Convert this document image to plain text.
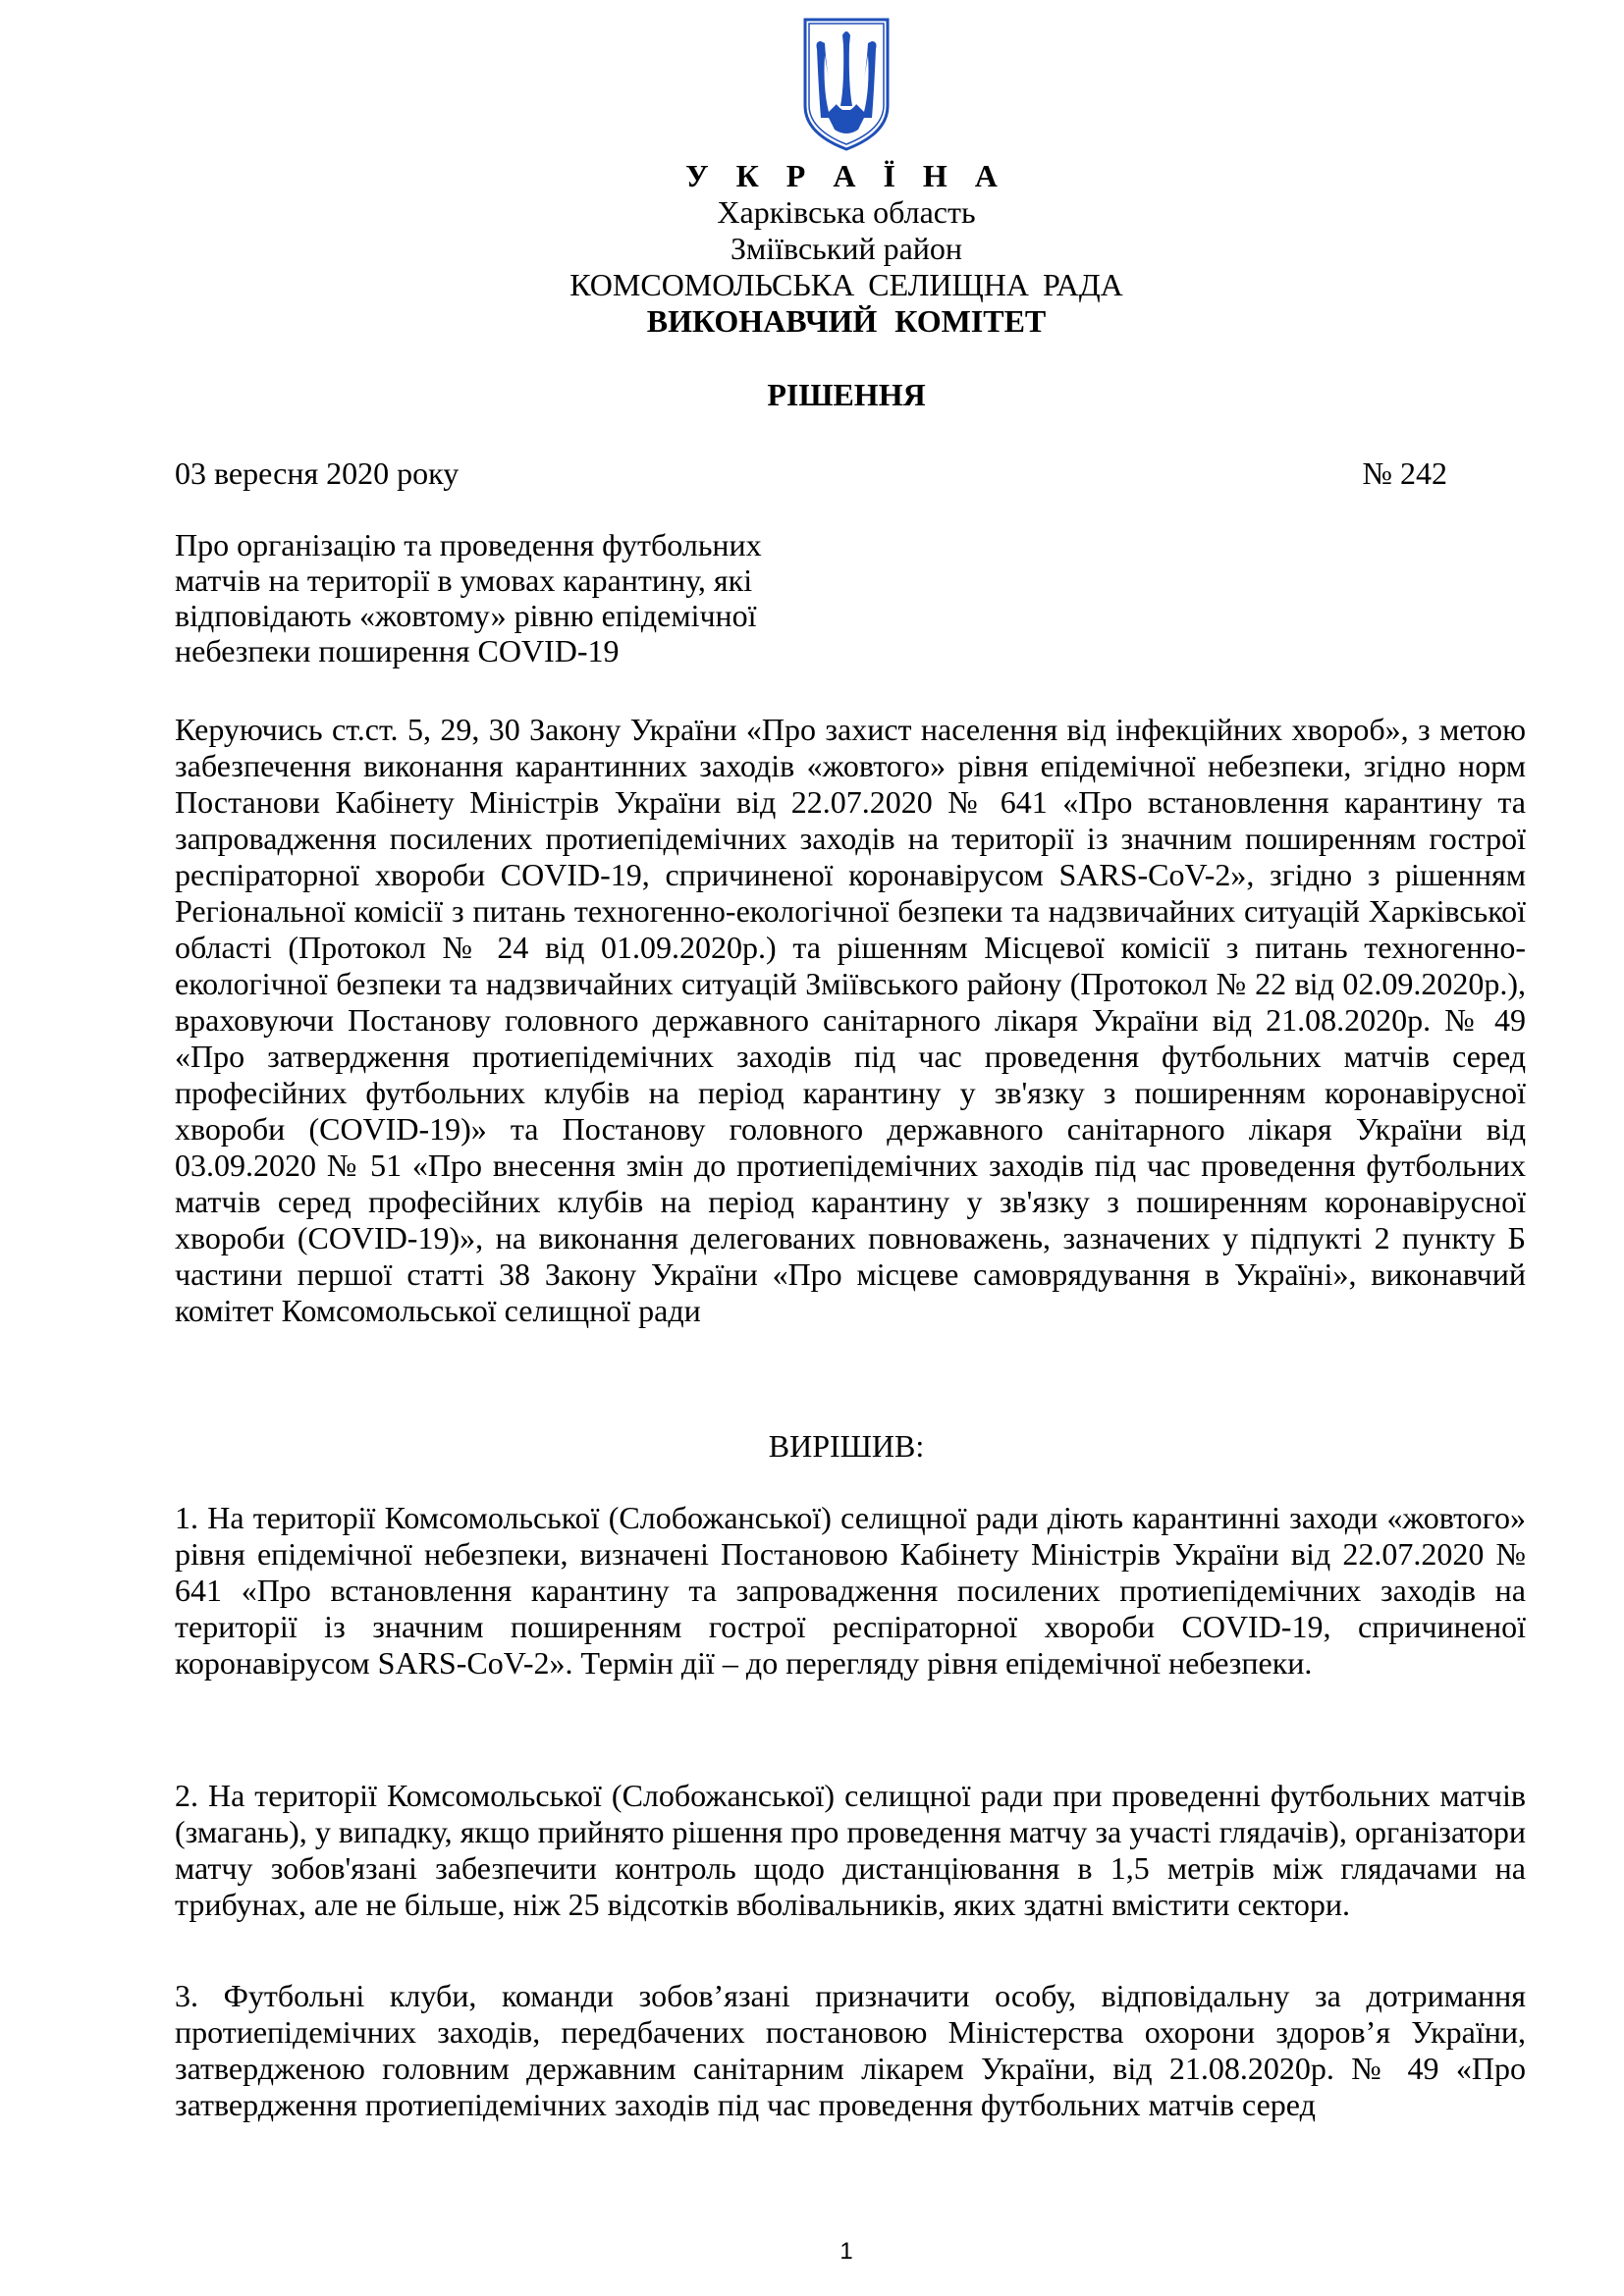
У К Р А Ї Н А
Харківська область
Зміївський район
КОМСОМОЛЬСЬКА СЕЛИЩНА РАДА
ВИКОНАВЧИЙ КОМІТЕТ
РІШЕННЯ
03 вересня 2020 року	№ 242
Про організацію та проведення футбольних
матчів на території в умовах карантину, які
відповідають «жовтому» рівню епідемічної
небезпеки поширення COVID-19
Керуючись ст.ст. 5, 29, 30 Закону України «Про захист населення від інфекційних хвороб», з метою забезпечення виконання карантинних заходів «жовтого» рівня епідемічної небезпеки, згідно норм Постанови Кабінету Міністрів України від 22.07.2020 № 641 «Про встановлення карантину та запровадження посилених протиепідемічних заходів на території із значним поширенням гострої респіраторної хвороби COVID-19, спричиненої коронавірусом SARS-CoV-2», згідно з рішенням Регіональної комісії з питань техногенно-екологічної безпеки та надзвичайних ситуацій Харківської області (Протокол № 24 від 01.09.2020р.) та рішенням Місцевої комісії з питань техногенно-екологічної безпеки та надзвичайних ситуацій Зміївського району (Протокол № 22 від 02.09.2020р.), враховуючи Постанову головного державного санітарного лікаря України від 21.08.2020р. № 49 «Про затвердження протиепідемічних заходів під час проведення футбольних матчів серед професійних футбольних клубів на період карантину у зв'язку з поширенням коронавірусної хвороби (COVID-19)» та Постанову головного державного санітарного лікаря України від 03.09.2020 № 51 «Про внесення змін до протиепідемічних заходів під час проведення футбольних матчів серед професійних клубів на період карантину у зв'язку з поширенням коронавірусної хвороби (COVID-19)», на виконання делегованих повноважень, зазначених у підпукті 2 пункту Б частини першої статті 38 Закону України «Про місцеве самоврядування в Україні», виконавчий комітет Комсомольської селищної ради
ВИРІШИВ:
1. На території Комсомольської (Слобожанської) селищної ради діють карантинні заходи «жовтого» рівня епідемічної небезпеки, визначені Постановою Кабінету Міністрів України від 22.07.2020 № 641 «Про встановлення карантину та запровадження посилених протиепідемічних заходів на території із значним поширенням гострої респіраторної хвороби COVID-19, спричиненої коронавірусом SARS-CoV-2». Термін дії – до перегляду рівня епідемічної небезпеки.
2. На території Комсомольської (Слобожанської) селищної ради при проведенні футбольних матчів (змагань), у випадку, якщо прийнято рішення про проведення матчу за участі глядачів), організатори матчу зобов'язані забезпечити контроль щодо дистанціювання в 1,5 метрів між глядачами на трибунах, але не більше, ніж 25 відсотків вболівальників, яких здатні вмістити сектори.
3. Футбольні клуби, команди зобов’язані призначити особу, відповідальну за дотримання протиепідемічних заходів, передбачених постановою Міністерства охорони здоров’я України, затвердженою головним державним санітарним лікарем України, від 21.08.2020р. № 49 «Про затвердження протиепідемічних заходів під час проведення футбольних матчів серед
1
